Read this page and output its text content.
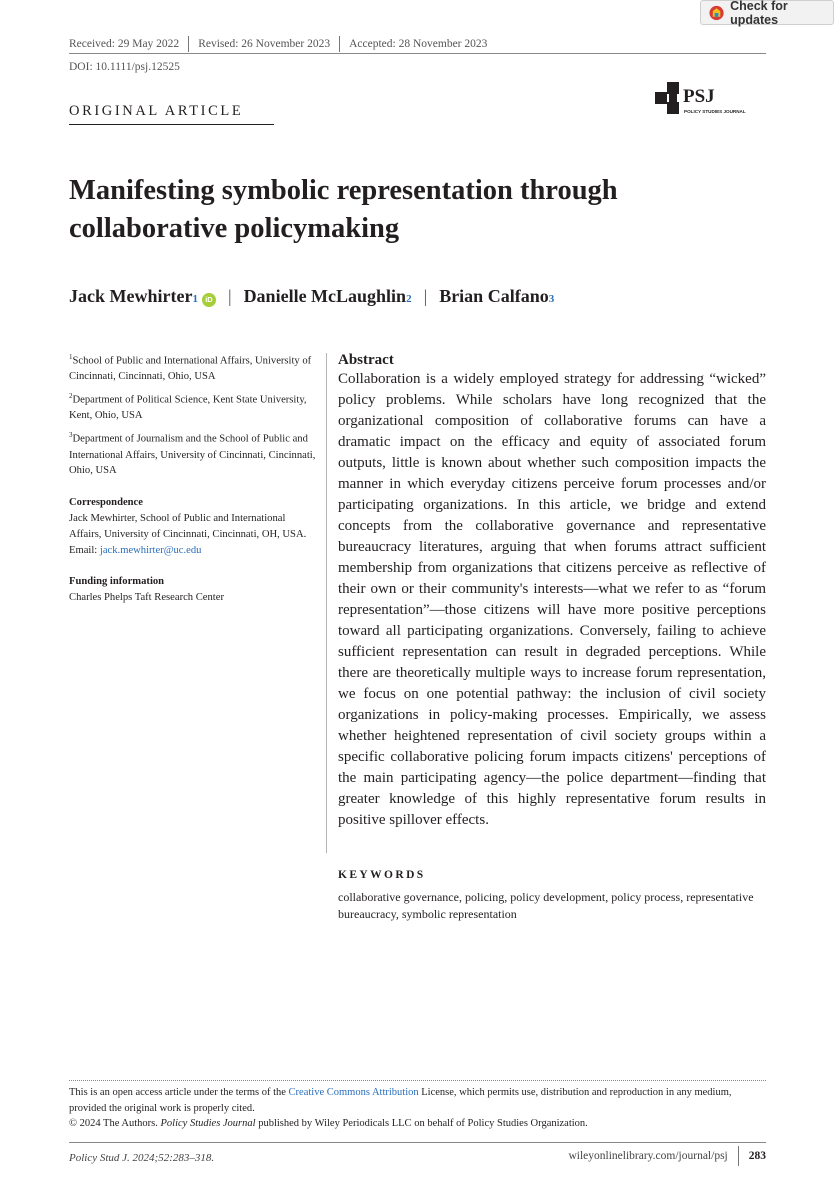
Check for updates
Received: 29 May 2022 Revised: 26 November 2023 Accepted: 28 November 2023
DOI: 10.1111/psj.12525
ORIGINAL ARTICLE
PSJ
POLICY STUDIES JOURNAL
Manifesting symbolic representation through collaborative policymaking
Jack Mewhirter 1 iD | Danielle McLaughlin 2 | Brian Calfano 3
$^1$School of Public and International Affairs, University of Cincinnati, Cincinnati, Ohio, USA
$^2$Department of Political Science, Kent State University, Kent, Ohio, USA
$^3$Department of Journalism and the School of Public and International Affairs, University of Cincinnati, Cincinnati, Ohio, USA
Correspondence
Jack Mewhirter, School of Public and International Affairs, University of Cincinnati, Cincinnati, OH, USA.
Email: jack.mewhirter@uc.edu
Funding information
Charles Phelps Taft Research Center
Abstract

Collaboration is a widely employed strategy for addressing “wicked” policy problems. While scholars have long recognized that the organizational composition of collaborative forums can have a dramatic impact on the efficacy and equity of associated forum outputs, little is known about whether such composition impacts the manner in which everyday citizens perceive forum processes and/or participating organizations. In this article, we bridge and extend concepts from the collaborative governance and representative bureaucracy literatures, arguing that when forums attract sufficient membership from organizations that citizens perceive as reflective of their own or their community's interests—what we refer to as “forum representation”—those citizens will have more positive perceptions toward all participating organizations. Conversely, failing to achieve sufficient representation can result in degraded perceptions. While there are theoretically multiple ways to increase forum representation, we focus on one potential pathway: the inclusion of civil society organizations in policy-making processes. Empirically, we assess whether heightened representation of civil society groups within a specific collaborative policing forum impacts citizens' perceptions of the main participating agency—the police department—finding that greater knowledge of this highly representative forum results in positive spillover effects.

KEYWORDS
collaborative governance, policing, policy development, policy process, representative bureaucracy, symbolic representation
This is an open access article under the terms of the Creative Commons Attribution License, which permits use, distribution and reproduction in any medium, provided the original work is properly cited.
© 2024 The Authors. Policy Studies Journal published by Wiley Periodicals LLC on behalf of Policy Studies Organization.
Policy Stud J. 2024;52:283–318.	wileyonlinelibrary.com/journal/psj 283
